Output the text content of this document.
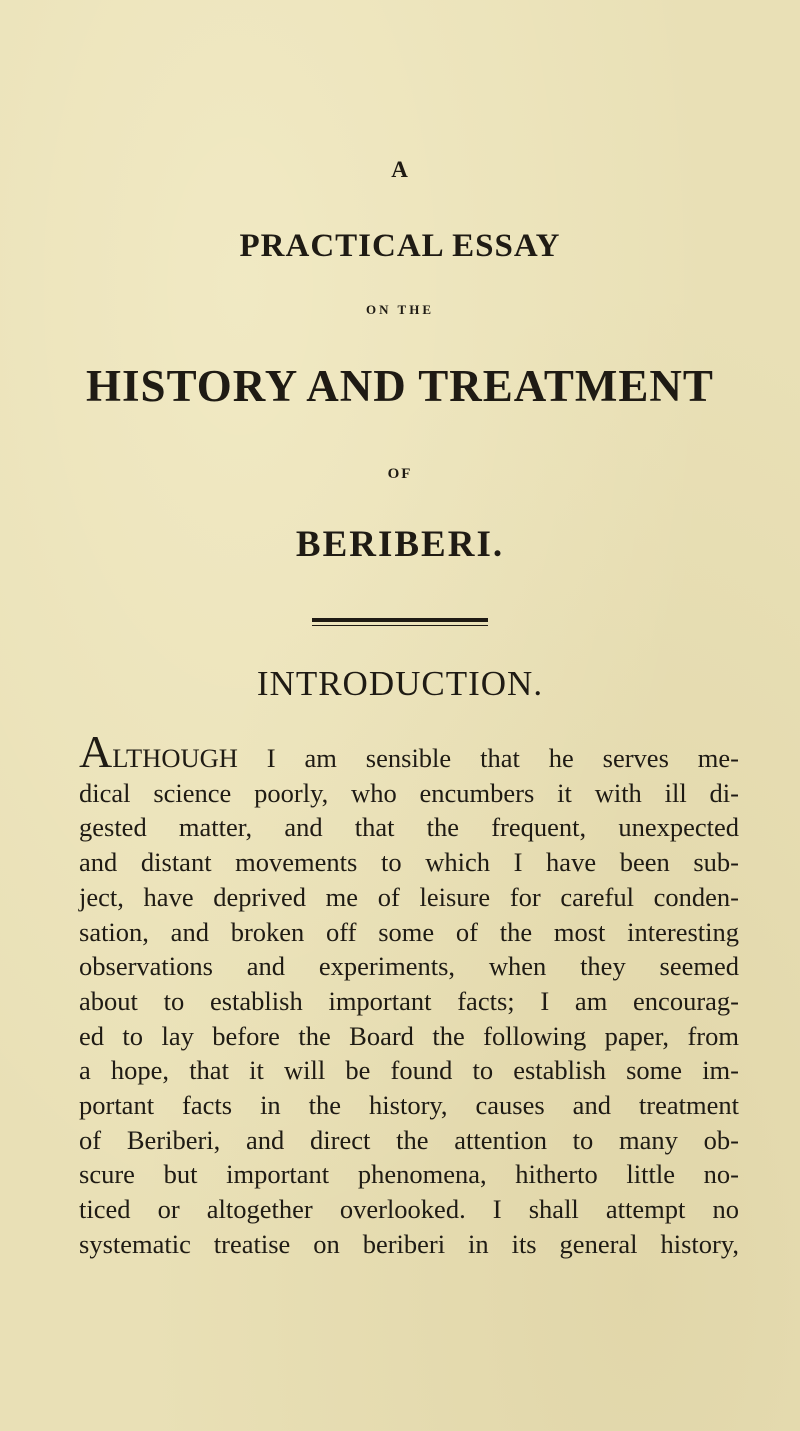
A
PRACTICAL ESSAY
ON THE
HISTORY AND TREATMENT
OF
BERIBERI.
INTRODUCTION.
ALTHOUGH I am sensible that he serves me-
dical science poorly, who encumbers it with ill di-
gested matter, and that the frequent, unexpected
and distant movements to which I have been sub-
ject, have deprived me of leisure for careful conden-
sation, and broken off some of the most interesting
observations and experiments, when they seemed
about to establish important facts; I am encourag-
ed to lay before the Board the following paper, from
a hope, that it will be found to establish some im-
portant facts in the history, causes and treatment
of Beriberi, and direct the attention to many ob-
scure but important phenomena, hitherto little no-
ticed or altogether overlooked. I shall attempt no
systematic treatise on beriberi in its general history,
